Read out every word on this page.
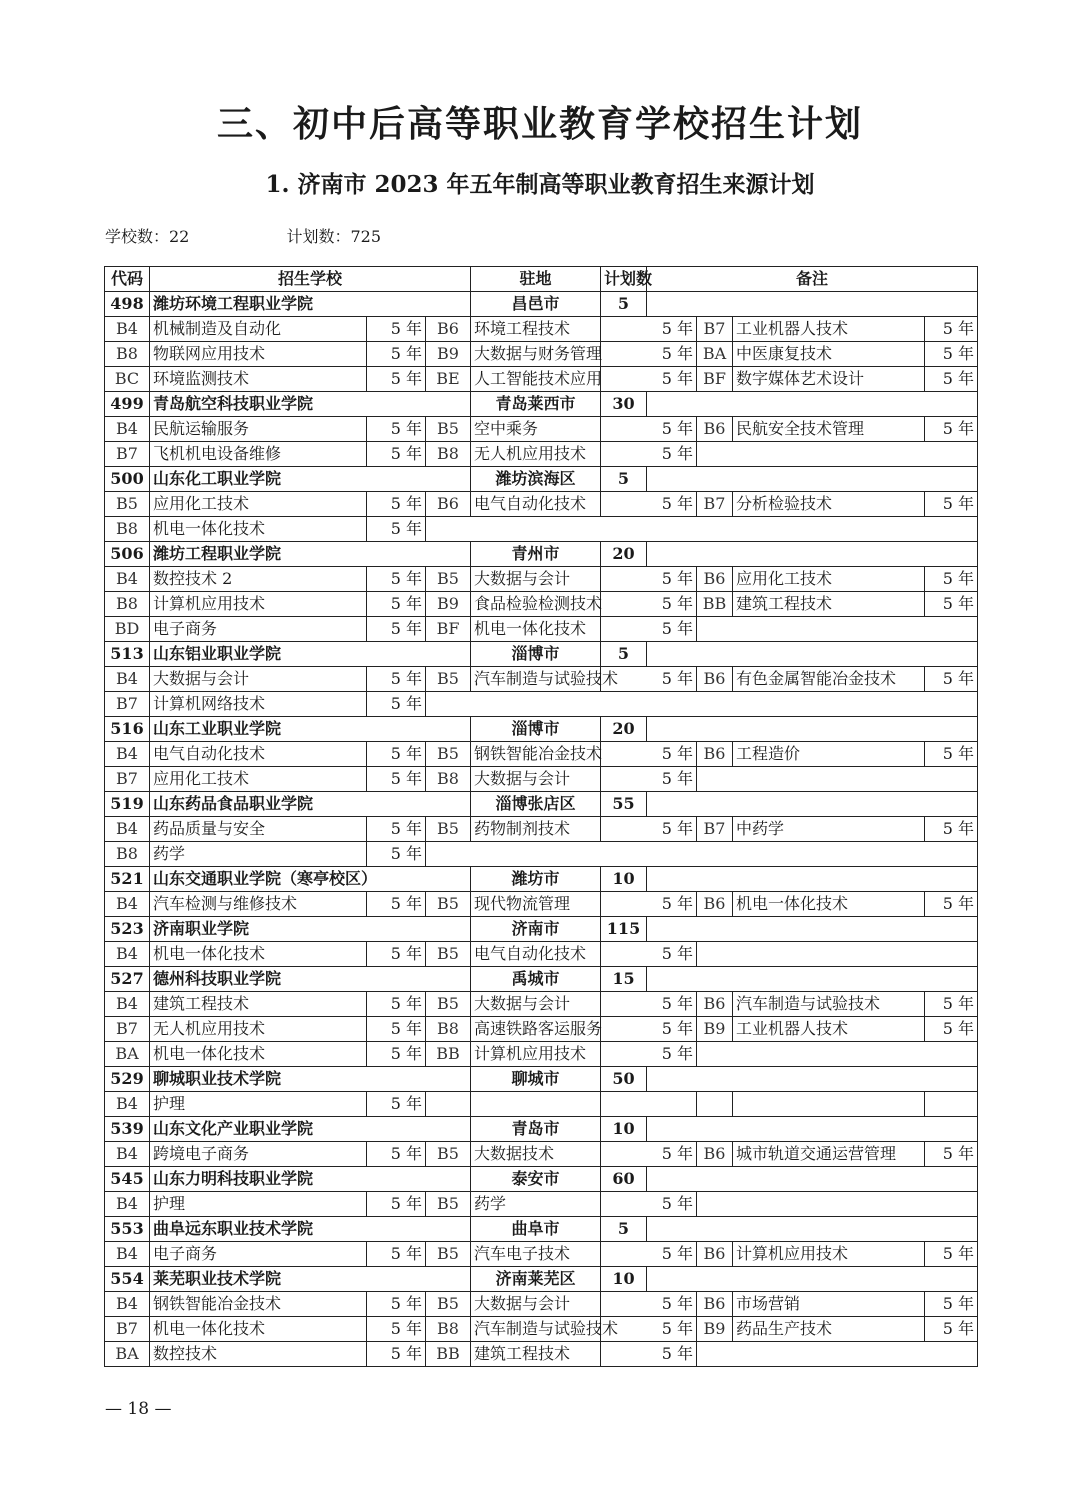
三、初中后高等职业教育学校招生计划
1. 济南市 2023 年五年制高等职业教育招生来源计划
学校数：22	计划数：725
代码	招生学校			驻地	计划数	备注			
498	潍坊环境工程职业学院			昌邑市	5				
B4	机械制造及自动化	5 年	B6	环境工程技术	5 年		B7	工业机器人技术	5 年
B8	物联网应用技术	5 年	B9	大数据与财务管理	5 年		BA	中医康复技术	5 年
BC	环境监测技术	5 年	BE	人工智能技术应用	5 年		BF	数字媒体艺术设计	5 年
499	青岛航空科技职业学院			青岛莱西市	30				
B4	民航运输服务	5 年	B5	空中乘务	5 年		B6	民航安全技术管理	5 年
B7	飞机机电设备维修	5 年	B8	无人机应用技术	5 年				
500	山东化工职业学院			潍坊滨海区	5				
B5	应用化工技术	5 年	B6	电气自动化技术	5 年		B7	分析检验技术	5 年
B8	机电一体化技术	5 年							
506	潍坊工程职业学院			青州市	20				
B4	数控技术 2	5 年	B5	大数据与会计	5 年		B6	应用化工技术	5 年
B8	计算机应用技术	5 年	B9	食品检验检测技术	5 年		BB	建筑工程技术	5 年
BD	电子商务	5 年	BF	机电一体化技术	5 年				
513	山东铝业职业学院			淄博市	5				
B4	大数据与会计	5 年	B5	汽车制造与试验技术	5 年		B6	有色金属智能冶金技术	5 年
B7	计算机网络技术	5 年							
516	山东工业职业学院			淄博市	20				
B4	电气自动化技术	5 年	B5	钢铁智能冶金技术	5 年		B6	工程造价	5 年
B7	应用化工技术	5 年	B8	大数据与会计	5 年				
519	山东药品食品职业学院			淄博张店区	55				
B4	药品质量与安全	5 年	B5	药物制剂技术	5 年		B7	中药学	5 年
B8	药学	5 年							
521	山东交通职业学院（寒亭校区）			潍坊市	10				
B4	汽车检测与维修技术	5 年	B5	现代物流管理	5 年		B6	机电一体化技术	5 年
523	济南职业学院			济南市	115				
B4	机电一体化技术	5 年	B5	电气自动化技术	5 年				
527	德州科技职业学院			禹城市	15				
B4	建筑工程技术	5 年	B5	大数据与会计	5 年		B6	汽车制造与试验技术	5 年
B7	无人机应用技术	5 年	B8	高速铁路客运服务	5 年		B9	工业机器人技术	5 年
BA	机电一体化技术	5 年	BB	计算机应用技术	5 年				
529	聊城职业技术学院			聊城市	50				
B4	护理	5 年							
539	山东文化产业职业学院			青岛市	10				
B4	跨境电子商务	5 年	B5	大数据技术	5 年		B6	城市轨道交通运营管理	5 年
545	山东力明科技职业学院			泰安市	60				
B4	护理	5 年	B5	药学	5 年				
553	曲阜远东职业技术学院			曲阜市	5				
B4	电子商务	5 年	B5	汽车电子技术	5 年		B6	计算机应用技术	5 年
554	莱芜职业技术学院			济南莱芜区	10				
B4	钢铁智能冶金技术	5 年	B5	大数据与会计	5 年		B6	市场营销	5 年
B7	机电一体化技术	5 年	B8	汽车制造与试验技术	5 年		B9	药品生产技术	5 年
BA	数控技术	5 年	BB	建筑工程技术	5 年				
— 18 —
